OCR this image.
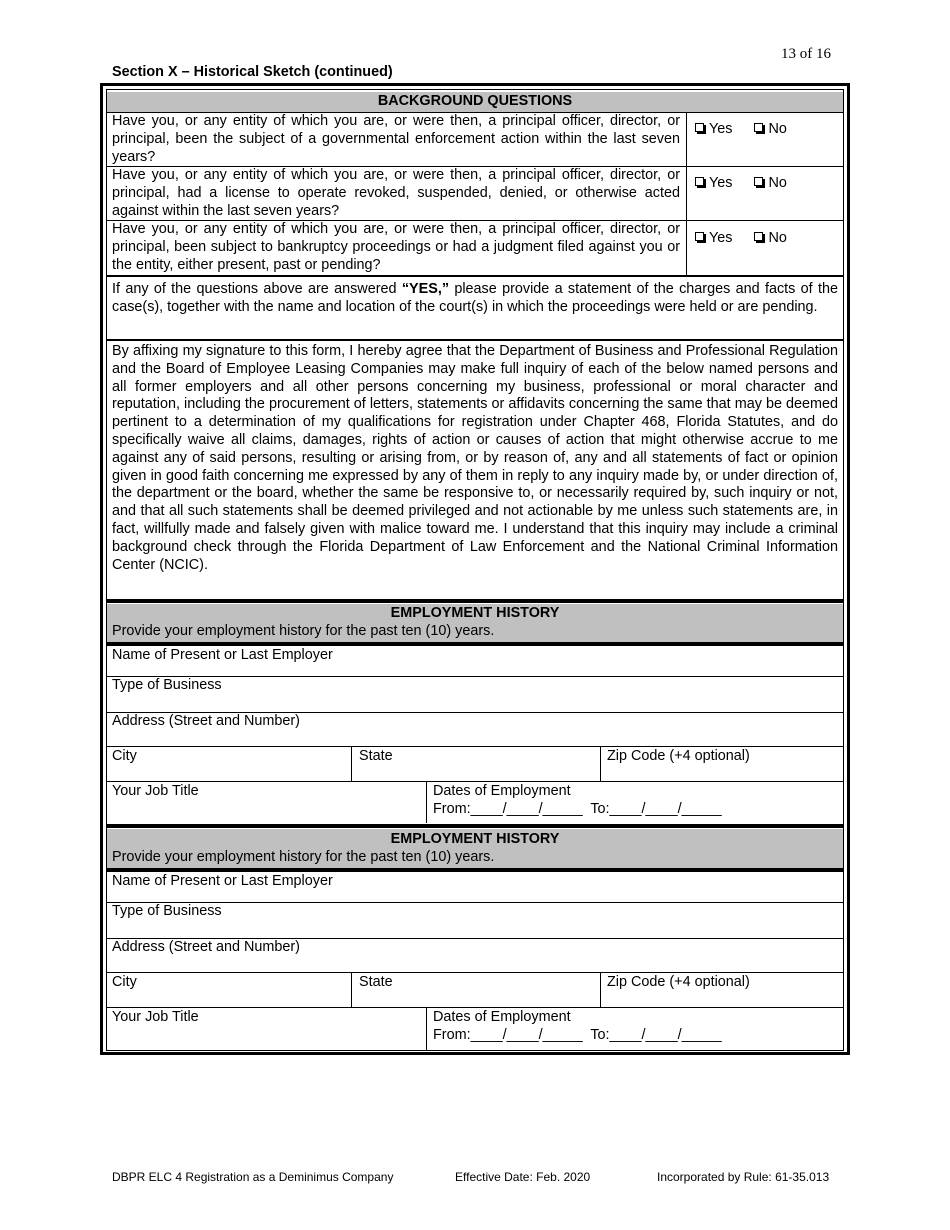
13 of 16
Section X – Historical Sketch (continued)
BACKGROUND QUESTIONS
Have you, or any entity of which you are, or were then, a principal officer, director, or principal, been the subject of a governmental enforcement action within the last seven years?
Yes	No
Have you, or any entity of which you are, or were then, a principal officer, director, or principal, had a license to operate revoked, suspended, denied, or otherwise acted against within the last seven years?
Yes	No
Have you, or any entity of which you are, or were then, a principal officer, director, or principal, been subject to bankruptcy proceedings or had a judgment filed against you or the entity, either present, past or pending?
Yes	No
If any of the questions above are answered “YES,” please provide a statement of the charges and facts of the case(s), together with the name and location of the court(s) in which the proceedings were held or are pending.
By affixing my signature to this form, I hereby agree that the Department of Business and Professional Regulation and the Board of Employee Leasing Companies may make full inquiry of each of the below named persons and all former employers and all other persons concerning my business, professional or moral character and reputation, including the procurement of letters, statements or affidavits concerning the same that may be deemed pertinent to a determination of my qualifications for registration under Chapter 468, Florida Statutes, and do specifically waive all claims, damages, rights of action or causes of action that might otherwise accrue to me against any of said persons, resulting or arising from, or by reason of, any and all statements of fact or opinion given in good faith concerning me expressed by any of them in reply to any inquiry made by, or under direction of, the department or the board, whether the same be responsive to, or necessarily required by, such inquiry or not, and that all such statements shall be deemed privileged and not actionable by me unless such statements are, in fact, willfully made and falsely given with malice toward me. I understand that this inquiry may include a criminal background check through the Florida Department of Law Enforcement and the National Criminal Information Center (NCIC).
EMPLOYMENT HISTORY
Provide your employment history for the past ten (10) years.
Name of Present or Last Employer
Type of Business
Address (Street and Number)
City	State	Zip Code (+4 optional)
Your Job Title	Dates of Employment
From:____/____/_____  To:____/____/_____
EMPLOYMENT HISTORY
Provide your employment history for the past ten (10) years.
Name of Present or Last Employer
Type of Business
Address (Street and Number)
City	State	Zip Code (+4 optional)
Your Job Title	Dates of Employment
From:____/____/_____  To:____/____/_____
DBPR ELC 4 Registration as a Deminimus Company	Effective Date: Feb. 2020	Incorporated by Rule: 61-35.013
